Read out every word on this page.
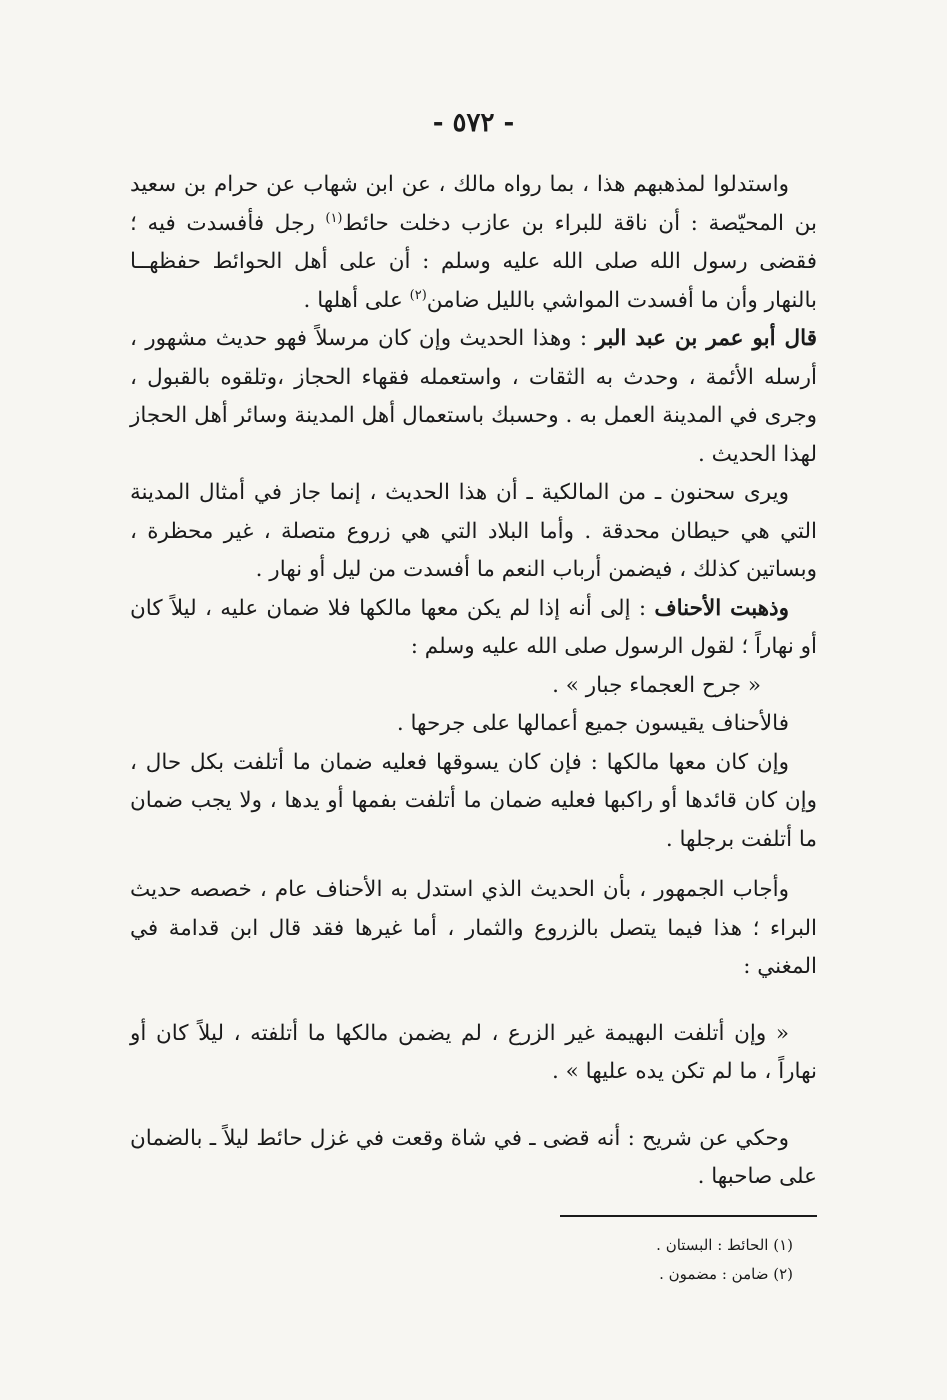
- ٥٧٢ -

واستدلوا لمذهبهم هذا ، بما رواه مالك ، عن ابن شهاب عن حرام بن سعيد بن المحيّصة : أن ناقة للبراء بن عازب دخلت حائط$^{(١)}$ رجل فأفسدت فيه ؛ فقضى رسول الله صلى الله عليه وسلم : أن على أهل الحوائط حفظهــا بالنهار وأن ما أفسدت المواشي بالليل ضامن$^{(٢)}$ على أهلها .

قال أبو عمر بن عبد البر : وهذا الحديث وإن كان مرسلاً فهو حديث مشهور ، أرسله الأئمة ، وحدث به الثقات ، واستعمله فقهاء الحجاز ،وتلقوه بالقبول ، وجرى في المدينة العمل به . وحسبك باستعمال أهل المدينة وسائر أهل الحجاز لهذا الحديث .

ويرى سحنون ـ من المالكية ـ أن هذا الحديث ، إنما جاز في أمثال المدينة التي هي حيطان محدقة . وأما البلاد التي هي زروع متصلة ، غير محظرة ، وبساتين كذلك ، فيضمن أرباب النعم ما أفسدت من ليل أو نهار .

وذهبت الأحناف : إلى أنه إذا لم يكن معها مالكها فلا ضمان عليه ، ليلاً كان أو نهاراً ؛ لقول الرسول صلى الله عليه وسلم :

« جرح العجماء جبار » .

فالأحناف يقيسون جميع أعمالها على جرحها .

وإن كان معها مالكها : فإن كان يسوقها فعليه ضمان ما أتلفت بكل حال ، وإن كان قائدها أو راكبها فعليه ضمان ما أتلفت بفمها أو يدها ، ولا يجب ضمان ما أتلفت برجلها .

وأجاب الجمهور ، بأن الحديث الذي استدل به الأحناف عام ، خصصه حديث البراء ؛ هذا فيما يتصل بالزروع والثمار ، أما غيرها فقد قال ابن قدامة في المغني :

« وإن أتلفت البهيمة غير الزرع ، لم يضمن مالكها ما أتلفته ، ليلاً كان أو نهاراً ، ما لم تكن يده عليها » .

وحكي عن شريح : أنه قضى ـ في شاة وقعت في غزل حائط ليلاً ـ بالضمان على صاحبها .

(١) الحائط : البستان .
(٢) ضامن : مضمون .
